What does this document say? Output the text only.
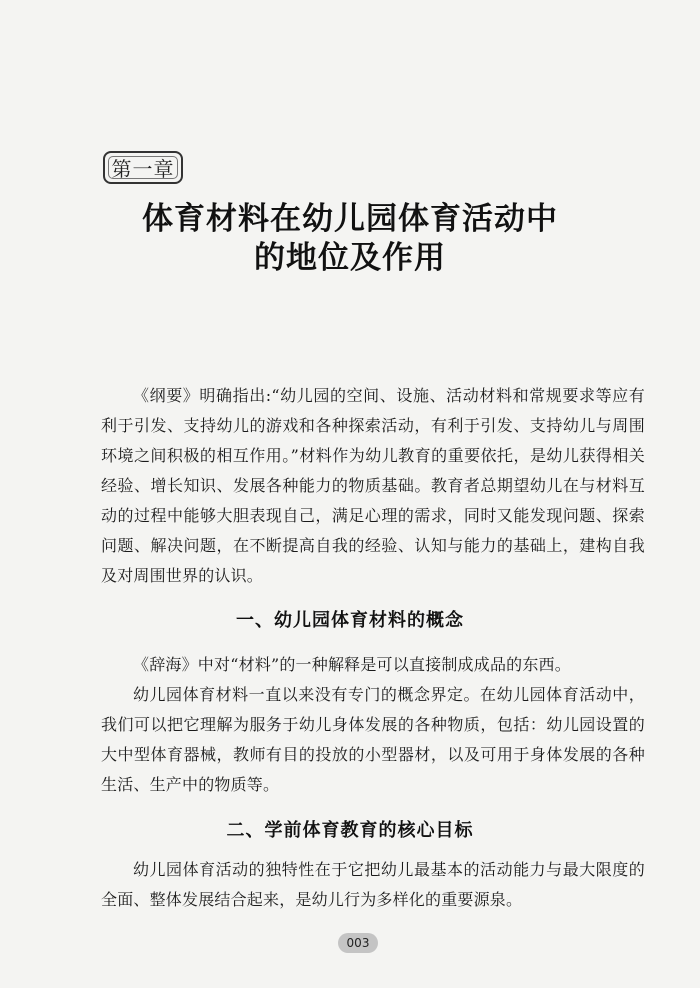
第一章
体育材料在幼儿园体育活动中
的地位及作用

《纲要》明确指出:“幼儿园的空间、设施、活动材料和常规要求等应有利于引发、支持幼儿的游戏和各种探索活动，有利于引发、支持幼儿与周围环境之间积极的相互作用。”材料作为幼儿教育的重要依托，是幼儿获得相关经验、增长知识、发展各种能力的物质基础。教育者总期望幼儿在与材料互动的过程中能够大胆表现自己，满足心理的需求，同时又能发现问题、探索问题、解决问题，在不断提高自我的经验、认知与能力的基础上，建构自我及对周围世界的认识。

一、幼儿园体育材料的概念

《辞海》中对“材料”的一种解释是可以直接制成成品的东西。

幼儿园体育材料一直以来没有专门的概念界定。在幼儿园体育活动中，我们可以把它理解为服务于幼儿身体发展的各种物质，包括：幼儿园设置的大中型体育器械，教师有目的投放的小型器材，以及可用于身体发展的各种生活、生产中的物质等。

二、学前体育教育的核心目标

幼儿园体育活动的独特性在于它把幼儿最基本的活动能力与最大限度的全面、整体发展结合起来，是幼儿行为多样化的重要源泉。

003
